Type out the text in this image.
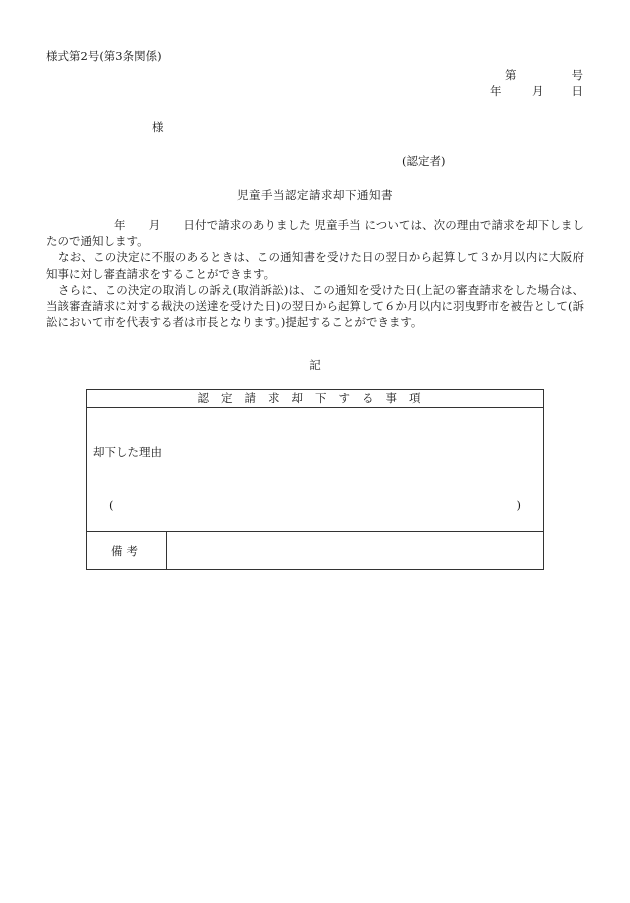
様式第2号(第3条関係)
第	号
年	月 日
様
(認定者)
児童手当認定請求却下通知書

年　　月　　日付で請求のありました 児童手当 については、次の理由で請求を却下しましたので通知します。

なお、この決定に不服のあるときは、この通知書を受けた日の翌日から起算して３か月以内に大阪府知事に対し審査請求をすることができます。

さらに、この決定の取消しの訴え(取消訴訟)は、この通知を受けた日(上記の審査請求をした場合は、当該審査請求に対する裁決の送達を受けた日)の翌日から起算して６か月以内に羽曳野市を被告として(訴訟において市を代表する者は市長となります。)提起することができます。

記
認定請求却下する事項

却下した理由
(	)

備考	
